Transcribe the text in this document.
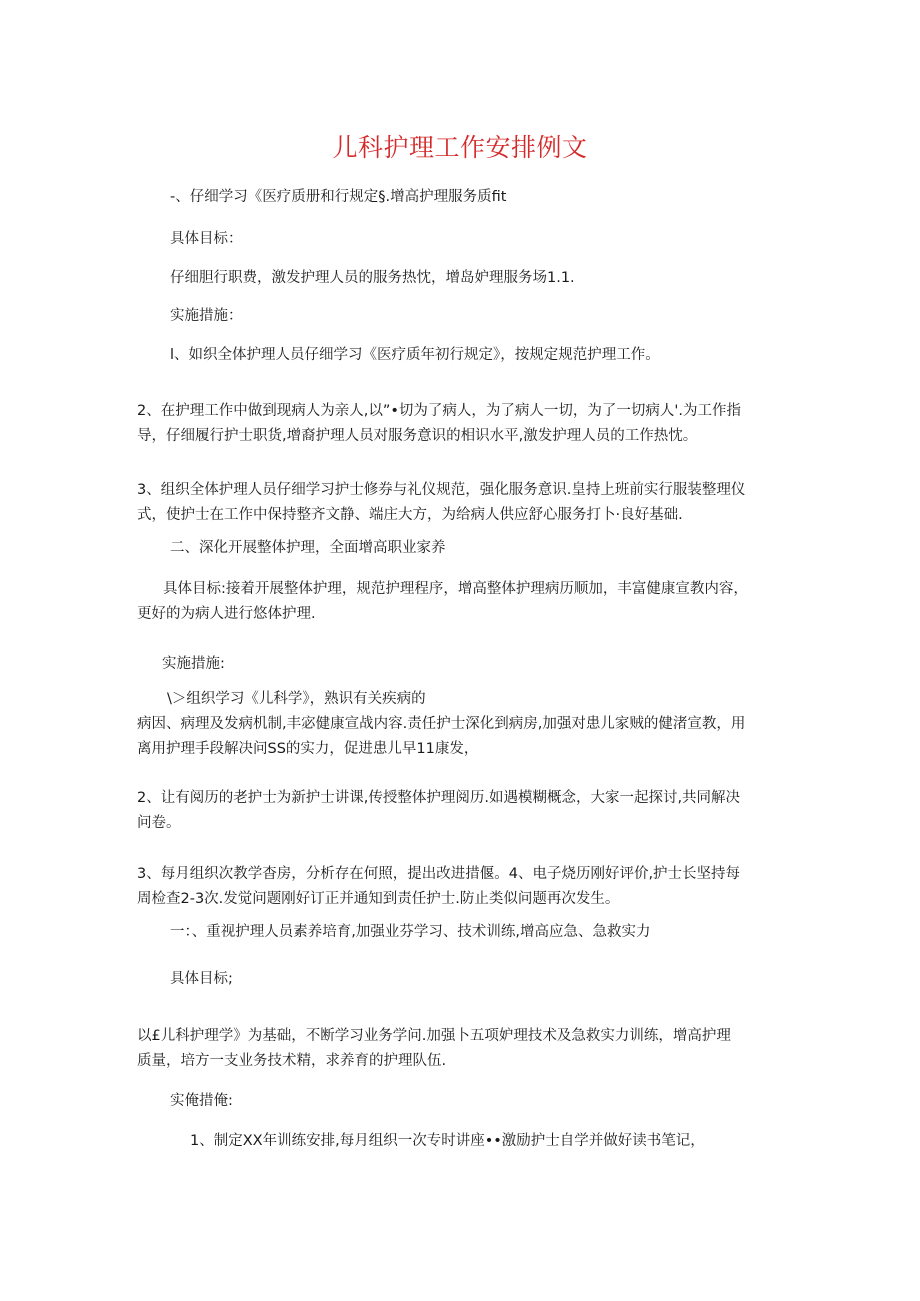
儿科护理工作安排例文
-、仔细学习《医疗质册和行规定§.增高护理服务质fit
具体目标：
仔细胆行职费，激发护理人员的服务热忱，增岛妒理服务场1.1.
实施措施：
l、如织全体护理人员仔细学习《医疗质年初行规定》，按规定规范护理工作。
2、在护理工作中做到现病人为亲人,以”•切为了病人，为了病人一切，为了一切病人'.为工作指
导，仔细履行护士职货,增裔护理人员对服务意识的相识水平,激发护理人员的工作热忱。
3、组织全体护理人员仔细学习护士修券与礼仪规范，强化服务意识.皇持上班前实行服装整理仪
式，使护士在工作中保持整齐文静、端庄大方，为给病人供应舒心服务打卜·良好基础.
二、深化开展整体护理，全面增高职业家养
具体目标:接着开展整体护理，规范护理程序，增高整体护理病历顺加，丰富健康宣教内容，
更好的为病人进行悠体护理.
实施措施:
\＞组织学习《儿科学》，熟识有关疾病的
病因、病理及发病机制,丰宓健康宣战内容.责任护士深化到病房,加强对患儿家贼的健渚宣教，用
离用护理手段解决问SS的实力，促进患儿早11康发，
2、让有阅历的老护士为新护士讲课,传授整体护理阅历.如遇模糊概念，大家一起探讨,共同解决
问卷。
3、每月组织次教学杳房，分析存在何照，提出改进措偃。4、电子烧历刚好评价,护士长坚持每
周检查2-3次.发觉问题刚好订正并通知到责任护士.防止类似问题再次发生。
一：、重视护理人员素养培育,加强业芬学习、技术训练,增高应急、急救实力
具体目标;
以£儿科护理学》为基础，不断学习业务学问.加强卜五项妒理技术及急救实力训练，增高护理
质量，培方一支业务技术精，求养育的护理队伍.
实俺措俺:
1、制定XX年训练安排,每月组织一次专时讲座••激励护士自学并做好读书笔记，
